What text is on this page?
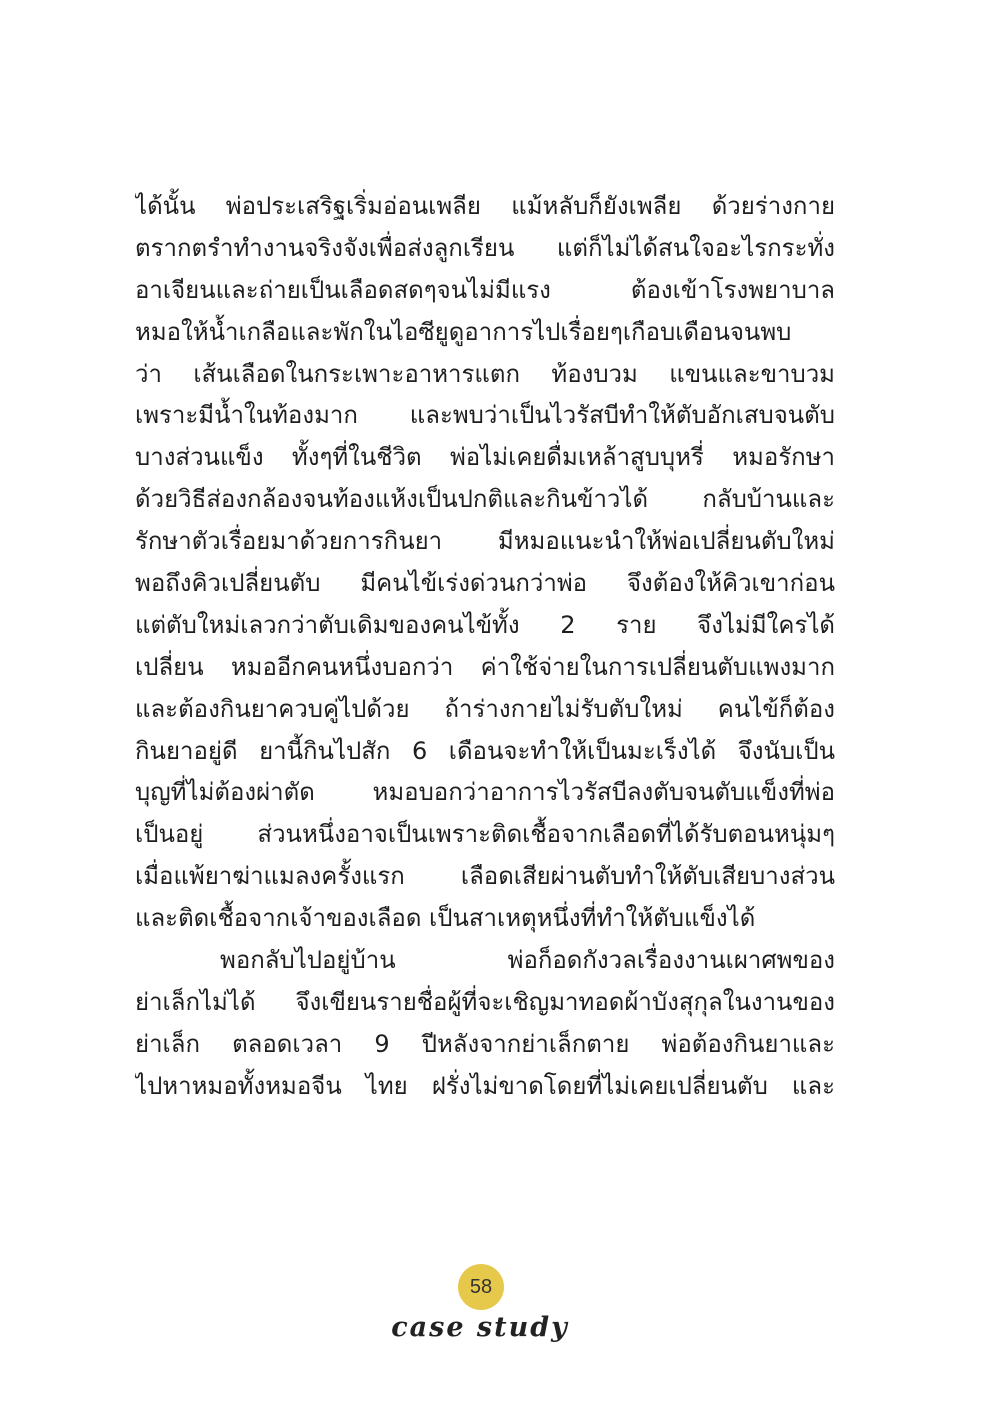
ได้นั้น พ่อประเสริฐเริ่มอ่อนเพลีย แม้หลับก็ยังเพลีย ด้วยร่างกาย
ตรากตรำทำงานจริงจังเพื่อส่งลูกเรียน แต่ก็ไม่ได้สนใจอะไรกระทั่ง
อาเจียนและถ่ายเป็นเลือดสดๆจนไม่มีแรง ต้องเข้าโรงพยาบาล
หมอให้น้ำเกลือและพักในไอซียูดูอาการไปเรื่อยๆเกือบเดือนจนพบ
ว่า เส้นเลือดในกระเพาะอาหารแตก ท้องบวม แขนและขาบวม
เพราะมีน้ำในท้องมาก และพบว่าเป็นไวรัสบีทำให้ตับอักเสบจนตับ
บางส่วนแข็ง ทั้งๆที่ในชีวิต พ่อไม่เคยดื่มเหล้าสูบบุหรี่ หมอรักษา
ด้วยวิธีส่องกล้องจนท้องแห้งเป็นปกติและกินข้าวได้ กลับบ้านและ
รักษาตัวเรื่อยมาด้วยการกินยา มีหมอแนะนำให้พ่อเปลี่ยนตับใหม่
พอถึงคิวเปลี่ยนตับ มีคนไข้เร่งด่วนกว่าพ่อ จึงต้องให้คิวเขาก่อน
แต่ตับใหม่เลวกว่าตับเดิมของคนไข้ทั้ง 2 ราย จึงไม่มีใครได้
เปลี่ยน หมออีกคนหนึ่งบอกว่า ค่าใช้จ่ายในการเปลี่ยนตับแพงมาก
และต้องกินยาควบคู่ไปด้วย ถ้าร่างกายไม่รับตับใหม่ คนไข้ก็ต้อง
กินยาอยู่ดี ยานี้กินไปสัก 6 เดือนจะทำให้เป็นมะเร็งได้ จึงนับเป็น
บุญที่ไม่ต้องผ่าตัด หมอบอกว่าอาการไวรัสบีลงตับจนตับแข็งที่พ่อ
เป็นอยู่ ส่วนหนึ่งอาจเป็นเพราะติดเชื้อจากเลือดที่ได้รับตอนหนุ่มๆ
เมื่อแพ้ยาฆ่าแมลงครั้งแรก เลือดเสียผ่านตับทำให้ตับเสียบางส่วน
และติดเชื้อจากเจ้าของเลือด เป็นสาเหตุหนึ่งที่ทำให้ตับแข็งได้
พอกลับไปอยู่บ้าน พ่อก็อดกังวลเรื่องงานเผาศพของ
ย่าเล็กไม่ได้ จึงเขียนรายชื่อผู้ที่จะเชิญมาทอดผ้าบังสุกุลในงานของ
ย่าเล็ก ตลอดเวลา 9 ปีหลังจากย่าเล็กตาย พ่อต้องกินยาและ
ไปหาหมอทั้งหมอจีน ไทย ฝรั่งไม่ขาดโดยที่ไม่เคยเปลี่ยนตับ และ
58
case study
